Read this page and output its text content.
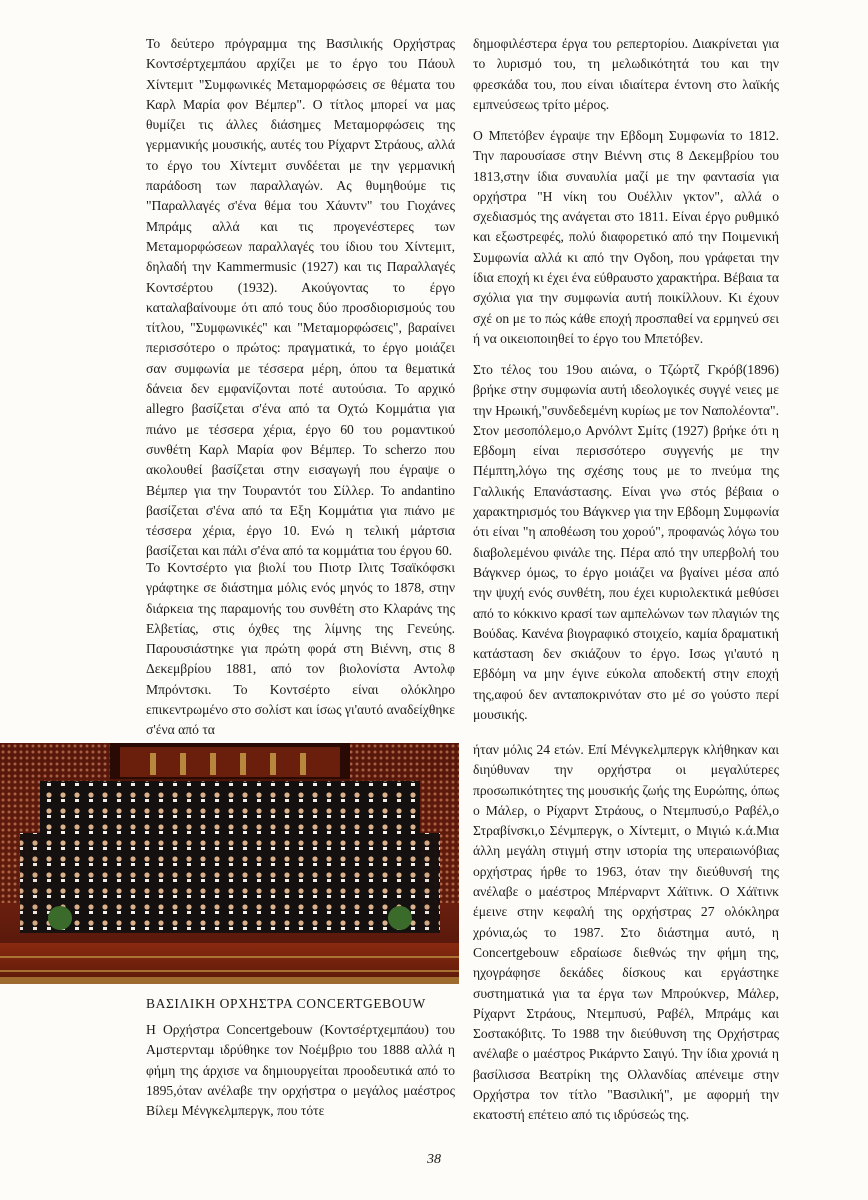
Το δεύτερο πρόγραμμα της Βασιλικής Ορχήστρας Κοντσέρτχεμπάου αρχίζει με το έργο του Πάουλ Χίντεμιτ "Συμφωνικές Μεταμορφώσεις σε θέματα του Καρλ Μαρία φον Βέμπερ". Ο τίτλος μπορεί να μας θυμίζει τις άλλες διάσημες Μεταμορφώσεις της γερμανικής μουσικής, αυτές του Ρίχαρντ Στράους, αλλά το έργο του Χίντεμιτ συνδέεται με την γερμανική παράδοση των παραλλαγών. Ας θυμηθούμε τις "Παραλλαγές σ'ένα θέμα του Χάυντν" του Γιοχάνες Μπράμς αλλά και τις προγενέστερες των Μεταμορφώσεων παραλλαγές του ίδιου του Χίντεμιτ, δηλαδή την Kammermusic (1927) και τις Παραλλαγές Κοντσέρτου (1932). Ακούγοντας το έργο καταλαβαίνουμε ότι από τους δύο προσδιορισμούς του τίτλου, "Συμφωνικές" και "Μεταμορφώσεις", βαραίνει περισσότερο ο πρώτος: πραγματικά, το έργο μοιάζει σαν συμφωνία με τέσσερα μέρη, όπου τα θεματικά δάνεια δεν εμφανίζονται ποτέ αυτούσια. Το αρχικό allegro βασίζεται σ'ένα από τα Οχτώ Κομμάτια για πιάνο με τέσσερα χέρια, έργο 60 του ρομαντικού συνθέτη Καρλ Μαρία φον Βέμπερ. Το scherzo που ακολουθεί βασίζεται στην εισαγωγή που έγραψε ο Βέμπερ για την Τουραντότ του Σίλλερ. Το andantino βασίζεται σ'ένα από τα Εξη Κομμάτια για πιάνο με τέσσερα χέρια, έργο 10. Ενώ η τελική μάρτσια βασίζεται και πάλι σ'ένα από τα κομμάτια του έργου 60.

Το Κοντσέρτο για βιολί του Πιοτρ Ιλιτς Τσαϊκόφσκι γράφτηκε σε διάστημα μόλις ενός μηνός το 1878, στην διάρκεια της παραμονής του συνθέτη στο Κλαράνς της Ελβετίας, στις όχθες της λίμνης της Γενεύης. Παρουσιάστηκε για πρώτη φορά στη Βιέννη, στις 8 Δεκεμβρίου 1881, από τον βιολονίστα Αντολφ Μπρόντσκι. Το Κοντσέρτο είναι ολόκληρο επικεντρωμένο στο σολίστ και ίσως γι'αυτό αναδείχθηκε σ'ένα από τα

δημοφιλέστερα έργα του ρεπερτορίου. Διακρίνεται για το λυρισμό του, τη μελωδικότητά του και την φρεσκάδα του, που είναι ιδιαίτερα έντονη στο λαϊκής εμπνεύσεως τρίτο μέρος.

Ο Μπετόβεν έγραψε την Εβδομη Συμφωνία το 1812. Την παρουσίασε στην Βιέννη στις 8 Δεκεμβρίου του 1813,στην ίδια συναυλία μαζί με την φαντασία για ορχήστρα "Η νίκη του Ουέλλιν γκτον", αλλά ο σχεδιασμός της ανάγεται στο 1811. Είναι έργο ρυθμικό και εξωστρεφές, πολύ διαφορετικό από την Ποιμενική Συμφωνία αλλά κι από την Ογδοη, που γράφεται την ίδια εποχή κι έχει ένα εύθραυστο χαρακτήρα. Βέβαια τα σχόλια για την συμφωνία αυτή ποικίλλουν. Κι έχουν σχέ on με το πώς κάθε εποχή προσπαθεί να ερμηνεύ σει ή να οικειοποιηθεί το έργο του Μπετόβεν.

Στο τέλος του 19ου αιώνα, ο Τζώρτζ Γκρόβ(1896) βρήκε στην συμφωνία αυτή ιδεολογικές συγγέ νειες με την Ηρωική,"συνδεδεμένη κυρίως με τον Ναπολέοντα". Στον μεσοπόλεμο,ο Αρνόλντ Σμίτς (1927) βρήκε ότι η Εβδομη είναι περισσότερο συγγενής με την Πέμπτη,λόγω της σχέσης τους με το πνεύμα της Γαλλικής Επανάστασης. Είναι γνω στός βέβαια ο χαρακτηρισμός του Βάγκνερ για την Εβδομη Συμφωνία ότι είναι "η αποθέωση του χορού", προφανώς λόγω του διαβολεμένου φινάλε της. Πέρα από την υπερβολή του Βάγκνερ όμως, το έργο μοιάζει να βγαίνει μέσα από την ψυχή ενός συνθέτη, που έχει κυριολεκτικά μεθύσει από το κόκκινο κρασί των αμπελώνων των πλαγιών της Βούδας. Κανένα βιογραφικό στοιχείο, καμία δραματική κατάσταση δεν σκιάζουν το έργο. Ισως γι'αυτό η Εβδόμη να μην έγινε εύκολα αποδεκτή στην εποχή της,αφού δεν ανταποκρινόταν στο μέ σο γούστο περί μουσικής.

ήταν μόλις 24 ετών. Επί Μένγκελμπεργκ κλήθηκαν και διηύθυναν την ορχήστρα οι μεγαλύτερες προσωπικότητες της μουσικής ζωής της Ευρώπης, όπως ο Μάλερ, ο Ρίχαρντ Στράους, ο Ντεμπυσύ,ο Ραβέλ,ο Στραβίνσκι,ο Σένμπεργκ, ο Χίντεμιτ, ο Μιγιώ κ.ά.Μια άλλη μεγάλη στιγμή στην ιστορία της υπεραιωνόβιας ορχήστρας ήρθε το 1963, όταν την διεύθυνσή της ανέλαβε ο μαέστρος Μπέρναρντ Χάϊτινκ. Ο Χάϊτινκ έμεινε στην κεφαλή της ορχήστρας 27 ολόκληρα χρόνια,ώς το 1987. Στο διάστημα αυτό, η Concertgebouw εδραίωσε διεθνώς την φήμη της, ηχογράφησε δεκάδες δίσκους και εργάστηκε συστηματικά για τα έργα των Μπρούκνερ, Μάλερ, Ρίχαρντ Στράους, Ντεμπυσύ, Ραβέλ, Μπράμς και Σοστακόβιτς. Το 1988 την διεύθυνση της Ορχήστρας ανέλαβε ο μαέστρος Ρικάρντο Σαιγύ. Την ίδια χρονιά η βασίλισσα Βεατρίκη της Ολλανδίας απένειμε στην Ορχήστρα τον τίτλο "Βασιλική", με αφορμή την εκατοστή επέτειο από τις ιδρύσεώς της.

ΒΑΣΙΛΙΚΗ ΟΡΧΗΣΤΡΑ CONCERTGEBOUW

Η Ορχήστρα Concertgebouw (Κοντσέρτχεμπάου) του Αμστερνταμ ιδρύθηκε τον Νοέμβριο του 1888 αλλά η φήμη της άρχισε να δημιουργείται προοδευτικά από το 1895,όταν ανέλαβε την ορχήστρα ο μεγάλος μαέστρος Βίλεμ Μένγκελμπεργκ, που τότε

38
